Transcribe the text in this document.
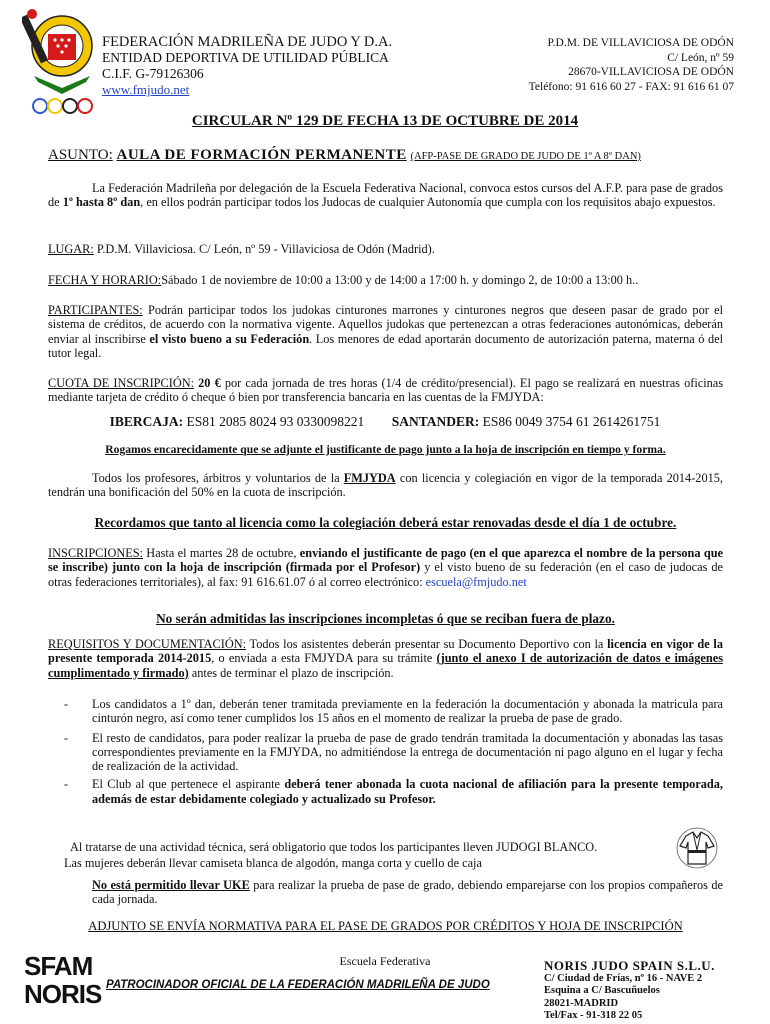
FEDERACIÓN MADRILEÑA DE JUDO Y D.A.
ENTIDAD DEPORTIVA DE UTILIDAD PÚBLICA
C.I.F. G-79126306
www.fmjudo.net
P.D.M. DE VILLAVICIOSA DE ODÓN
C/ León, nº 59
28670-VILLAVICIOSA DE ODÓN
Teléfono: 91 616 60 27 - FAX: 91 616 61 07
CIRCULAR Nº 129 DE FECHA 13 DE OCTUBRE DE 2014
ASUNTO: AULA DE FORMACIÓN PERMANENTE (AFP-PASE DE GRADO DE JUDO DE 1º A 8º DAN)
La Federación Madrileña por delegación de la Escuela Federativa Nacional, convoca estos cursos del A.F.P. para pase de grados de 1º hasta 8º dan, en ellos podrán participar todos los Judocas de cualquier Autonomía que cumpla con los requisitos abajo expuestos.
LUGAR: P.D.M. Villaviciosa. C/ León, nº 59 - Villaviciosa de Odón (Madrid).
FECHA Y HORARIO:Sábado 1 de noviembre de 10:00 a 13:00 y de 14:00 a 17:00 h. y domingo 2, de 10:00 a 13:00 h..
PARTICIPANTES: Podrán participar todos los judokas cinturones marrones y cinturones negros que deseen pasar de grado por el sistema de créditos, de acuerdo con la normativa vigente. Aquellos judokas que pertenezcan a otras federaciones autonómicas, deberán enviar al inscribirse el visto bueno a su Federación. Los menores de edad aportarán documento de autorización paterna, materna ó del tutor legal.
CUOTA DE INSCRIPCIÓN: 20 € por cada jornada de tres horas (1/4 de crédito/presencial). El pago se realizará en nuestras oficinas mediante tarjeta de crédito ó cheque ó bien por transferencia bancaria en las cuentas de la FMJYDA:
IBERCAJA: ES81 2085 8024 93 0330098221 SANTANDER: ES86 0049 3754 61 2614261751
Rogamos encarecidamente que se adjunte el justificante de pago junto a la hoja de inscripción en tiempo y forma.
Todos los profesores, árbitros y voluntarios de la FMJYDA con licencia y colegiación en vigor de la temporada 2014-2015, tendrán una bonificación del 50% en la cuota de inscripción.
Recordamos que tanto al licencia como la colegiación deberá estar renovadas desde el día 1 de octubre.
INSCRIPCIONES: Hasta el martes 28 de octubre, enviando el justificante de pago (en el que aparezca el nombre de la persona que se inscribe) junto con la hoja de inscripción (firmada por el Profesor) y el visto bueno de su federación (en el caso de judocas de otras federaciones territoriales), al fax: 91 616.61.07 ó al correo electrónico: escuela@fmjudo.net
No serán admitidas las inscripciones incompletas ó que se reciban fuera de plazo.
REQUISITOS Y DOCUMENTACIÓN: Todos los asistentes deberán presentar su Documento Deportivo con la licencia en vigor de la presente temporada 2014-2015, o enviada a esta FMJYDA para su trámite (junto el anexo I de autorización de datos e imágenes cumplimentado y firmado) antes de terminar el plazo de inscripción.
- Los candidatos a 1º dan, deberán tener tramitada previamente en la federación la documentación y abonada la matricula para cinturón negro, así como tener cumplidos los 15 años en el momento de realizar la prueba de pase de grado.
- El resto de candidatos, para poder realizar la prueba de pase de grado tendrán tramitada la documentación y abonadas las tasas correspondientes previamente en la FMJYDA, no admitiéndose la entrega de documentación ni pago alguno en el lugar y fecha de realización de la actividad.
- El Club al que pertenece el aspirante deberá tener abonada la cuota nacional de afiliación para la presente temporada, además de estar debidamente colegiado y actualizado su Profesor.
Al tratarse de una actividad técnica, será obligatorio que todos los participantes lleven JUDOGI BLANCO.
Las mujeres deberán llevar camiseta blanca de algodón, manga corta y cuello de caja
No está permitido llevar UKE para realizar la prueba de pase de grado, debiendo emparejarse con los propios compañeros de cada jornada.
ADJUNTO SE ENVÍA NORMATIVA PARA EL PASE DE GRADOS POR CRÉDITOS Y HOJA DE INSCRIPCIÓN
SFAM
NORIS
Escuela Federativa
PATROCINADOR OFICIAL DE LA FEDERACIÓN MADRILEÑA DE JUDO
NORIS JUDO SPAIN S.L.U.
C/ Ciudad de Frías, nº 16 - NAVE 2
Esquina a C/ Bascuñuelos
28021-MADRID
Tel/Fax - 91-318 22 05
